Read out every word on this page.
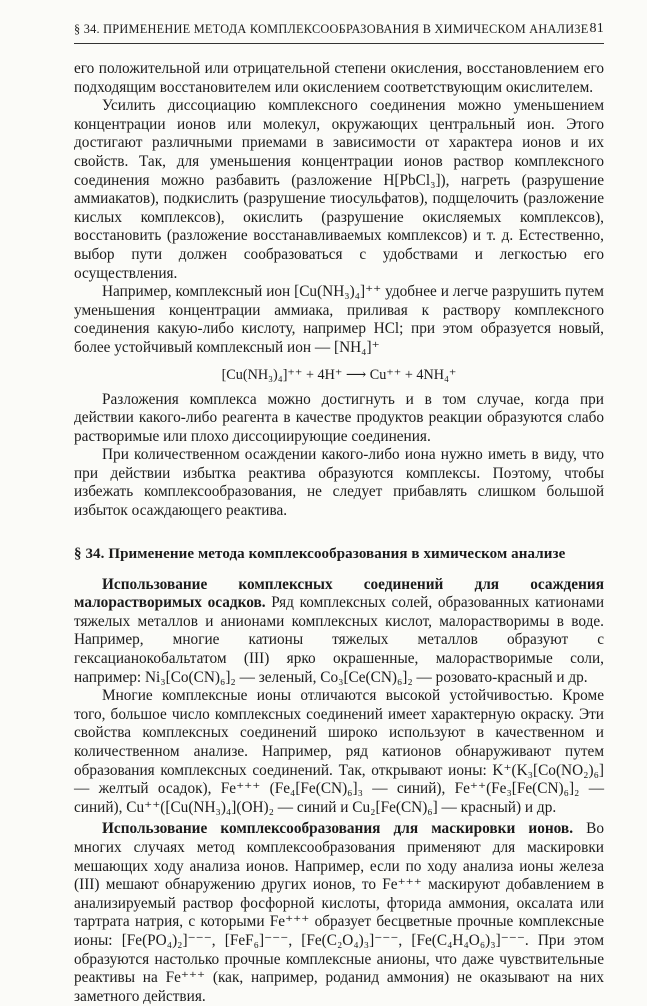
§ 34. ПРИМЕНЕНИЕ МЕТОДА КОМПЛЕКСООБРАЗОВАНИЯ В ХИМИЧЕСКОМ АНАЛИЗЕ 81

его положительной или отрицательной степени окисления, восстановлением его подходящим восстановителем или окислением соответствующим окислителем.

Усилить диссоциацию комплексного соединения можно уменьшением концентрации ионов или молекул, окружающих центральный ион. Этого достигают различными приемами в зависимости от характера ионов и их свойств. Так, для уменьшения концентрации ионов раствор комплексного соединения можно разбавить (разложение H[PbCl₃]), нагреть (разрушение аммиакатов), подкислить (разрушение тиосульфатов), подщелочить (разложение кислых комплексов), окислить (разрушение окисляемых комплексов), восстановить (разложение восстанавливаемых комплексов) и т. д. Естественно, выбор пути должен сообразоваться с удобствами и легкостью его осуществления.

Например, комплексный ион [Cu(NH₃)₄]⁺⁺ удобнее и легче разрушить путем уменьшения концентрации аммиака, приливая к раствору комплексного соединения какую-либо кислоту, например HCl; при этом образуется новый, более устойчивый комплексный ион — [NH₄]⁺

[Cu(NH₃)₄]⁺⁺ + 4H⁺ ⟶ Cu⁺⁺ + 4NH₄⁺

Разложения комплекса можно достигнуть и в том случае, когда при действии какого-либо реагента в качестве продуктов реакции образуются слабо растворимые или плохо диссоциирующие соединения.

При количественном осаждении какого-либо иона нужно иметь в виду, что при действии избытка реактива образуются комплексы. Поэтому, чтобы избежать комплексообразования, не следует прибавлять слишком большой избыток осаждающего реактива.

§ 34. Применение метода комплексообразования в химическом анализе

Использование комплексных соединений для осаждения малорастворимых осадков. Ряд комплексных солей, образованных катионами тяжелых металлов и анионами комплексных кислот, малорастворимы в воде. Например, многие катионы тяжелых металлов образуют с гексацианокобальтатом (III) ярко окрашенные, малорастворимые соли, например: Ni₃[Co(CN)₆]₂ — зеленый, Co₃[Ce(CN)₆]₂ — розовато-красный и др.

Многие комплексные ионы отличаются высокой устойчивостью. Кроме того, большое число комплексных соединений имеет характерную окраску. Эти свойства комплексных соединений широко используют в качественном и количественном анализе. Например, ряд катионов обнаруживают путем образования комплексных соединений. Так, открывают ионы: K⁺(K₃[Co(NO₂)₆] — желтый осадок), Fe⁺⁺⁺ (Fe₄[Fe(CN)₆]₃ — синий), Fe⁺⁺(Fe₃[Fe(CN)₆]₂ — синий), Cu⁺⁺([Cu(NH₃)₄](OH)₂ — синий и Cu₂[Fe(CN)₆] — красный) и др.

Использование комплексообразования для маскировки ионов. Во многих случаях метод комплексообразования применяют для маскировки мешающих ходу анализа ионов. Например, если по ходу анализа ионы железа (III) мешают обнаружению других ионов, то Fe⁺⁺⁺ маскируют добавлением в анализируемый раствор фосфорной кислоты, фторида аммония, оксалата или тартрата натрия, с которыми Fe⁺⁺⁺ образует бесцветные прочные комплексные ионы: [Fe(PO₄)₂]⁻⁻⁻, [FeF₆]⁻⁻⁻, [Fe(C₂O₄)₃]⁻⁻⁻, [Fe(C₄H₄O₆)₃]⁻⁻⁻. При этом образуются настолько прочные комплексные анионы, что даже чувствительные реактивы на Fe⁺⁺⁺ (как, например, роданид аммония) не оказывают на них заметного действия.
